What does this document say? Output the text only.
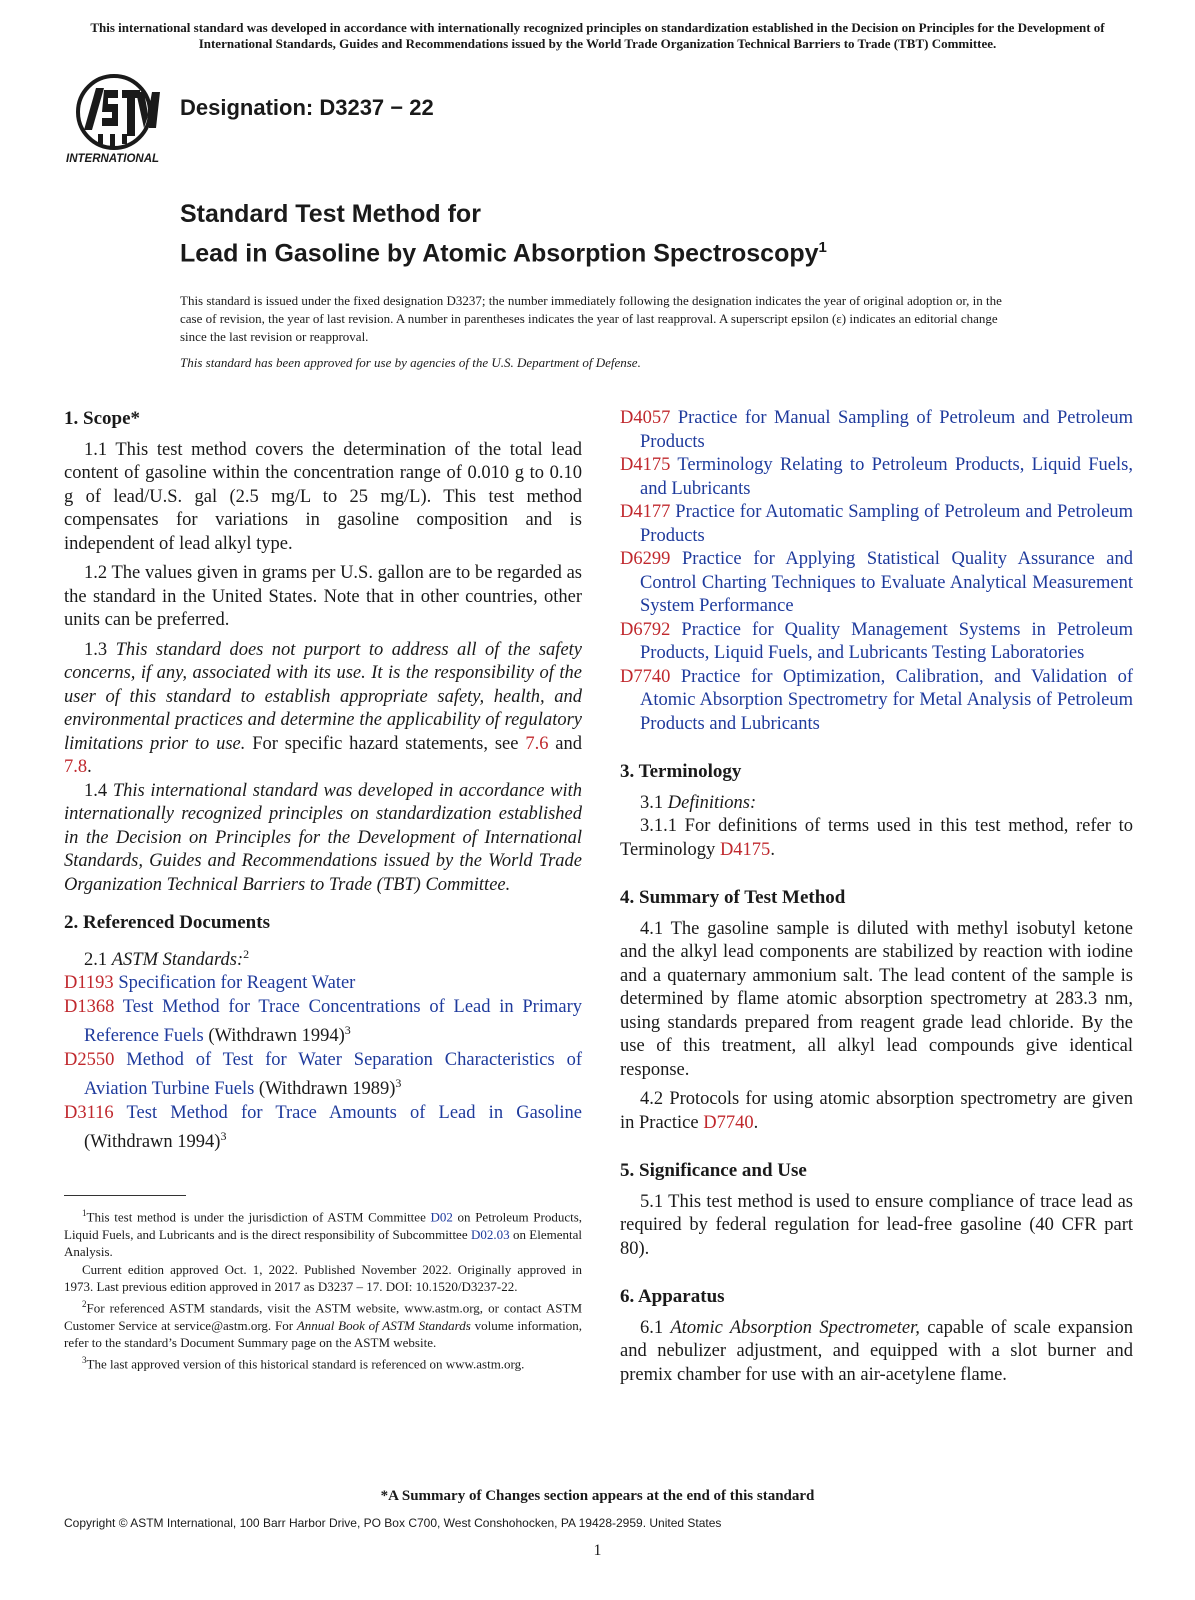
This international standard was developed in accordance with internationally recognized principles on standardization established in the Decision on Principles for the Development of International Standards, Guides and Recommendations issued by the World Trade Organization Technical Barriers to Trade (TBT) Committee.
INTERNATIONAL
Designation: D3237 − 22
Standard Test Method for
Lead in Gasoline by Atomic Absorption Spectroscopy$^1$

This standard is issued under the fixed designation D3237; the number immediately following the designation indicates the year of original adoption or, in the case of revision, the year of last revision. A number in parentheses indicates the year of last reapproval. A superscript epsilon (ε) indicates an editorial change since the last revision or reapproval.

This standard has been approved for use by agencies of the U.S. Department of Defense.

1. Scope*

1.1 This test method covers the determination of the total lead content of gasoline within the concentration range of 0.010 g to 0.10 g of lead/U.S. gal (2.5 mg/L to 25 mg/L). This test method compensates for variations in gasoline composition and is independent of lead alkyl type.

1.2 The values given in grams per U.S. gallon are to be regarded as the standard in the United States. Note that in other countries, other units can be preferred.

1.3 This standard does not purport to address all of the safety concerns, if any, associated with its use. It is the responsibility of the user of this standard to establish appropriate safety, health, and environmental practices and determine the applicability of regulatory limitations prior to use. For specific hazard statements, see 7.6 and 7.8.

1.4 This international standard was developed in accordance with internationally recognized principles on standardization established in the Decision on Principles for the Development of International Standards, Guides and Recommendations issued by the World Trade Organization Technical Barriers to Trade (TBT) Committee.

2. Referenced Documents

2.1 ASTM Standards:$^2$

D1193 Specification for Reagent Water
D1368 Test Method for Trace Concentrations of Lead in Primary Reference Fuels (Withdrawn 1994)$^3$
D2550 Method of Test for Water Separation Characteristics of Aviation Turbine Fuels (Withdrawn 1989)$^3$
D3116 Test Method for Trace Amounts of Lead in Gasoline (Withdrawn 1994)$^3$

$^1$This test method is under the jurisdiction of ASTM Committee D02 on Petroleum Products, Liquid Fuels, and Lubricants and is the direct responsibility of Subcommittee D02.03 on Elemental Analysis.

Current edition approved Oct. 1, 2022. Published November 2022. Originally approved in 1973. Last previous edition approved in 2017 as D3237 – 17. DOI: 10.1520/D3237-22.

$^2$For referenced ASTM standards, visit the ASTM website, www.astm.org, or contact ASTM Customer Service at service@astm.org. For Annual Book of ASTM Standards volume information, refer to the standard’s Document Summary page on the ASTM website.

$^3$The last approved version of this historical standard is referenced on www.astm.org.

D4057 Practice for Manual Sampling of Petroleum and Petroleum Products
D4175 Terminology Relating to Petroleum Products, Liquid Fuels, and Lubricants
D4177 Practice for Automatic Sampling of Petroleum and Petroleum Products
D6299 Practice for Applying Statistical Quality Assurance and Control Charting Techniques to Evaluate Analytical Measurement System Performance
D6792 Practice for Quality Management Systems in Petroleum Products, Liquid Fuels, and Lubricants Testing Laboratories
D7740 Practice for Optimization, Calibration, and Validation of Atomic Absorption Spectrometry for Metal Analysis of Petroleum Products and Lubricants
3. Terminology

3.1 Definitions:

3.1.1 For definitions of terms used in this test method, refer to Terminology D4175.

4. Summary of Test Method

4.1 The gasoline sample is diluted with methyl isobutyl ketone and the alkyl lead components are stabilized by reaction with iodine and a quaternary ammonium salt. The lead content of the sample is determined by flame atomic absorption spectrometry at 283.3 nm, using standards prepared from reagent grade lead chloride. By the use of this treatment, all alkyl lead compounds give identical response.

4.2 Protocols for using atomic absorption spectrometry are given in Practice D7740.

5. Significance and Use

5.1 This test method is used to ensure compliance of trace lead as required by federal regulation for lead-free gasoline (40 CFR part 80).

6. Apparatus

6.1 Atomic Absorption Spectrometer, capable of scale expansion and nebulizer adjustment, and equipped with a slot burner and premix chamber for use with an air-acetylene flame.

*A Summary of Changes section appears at the end of this standard
Copyright © ASTM International, 100 Barr Harbor Drive, PO Box C700, West Conshohocken, PA 19428-2959. United States
1
